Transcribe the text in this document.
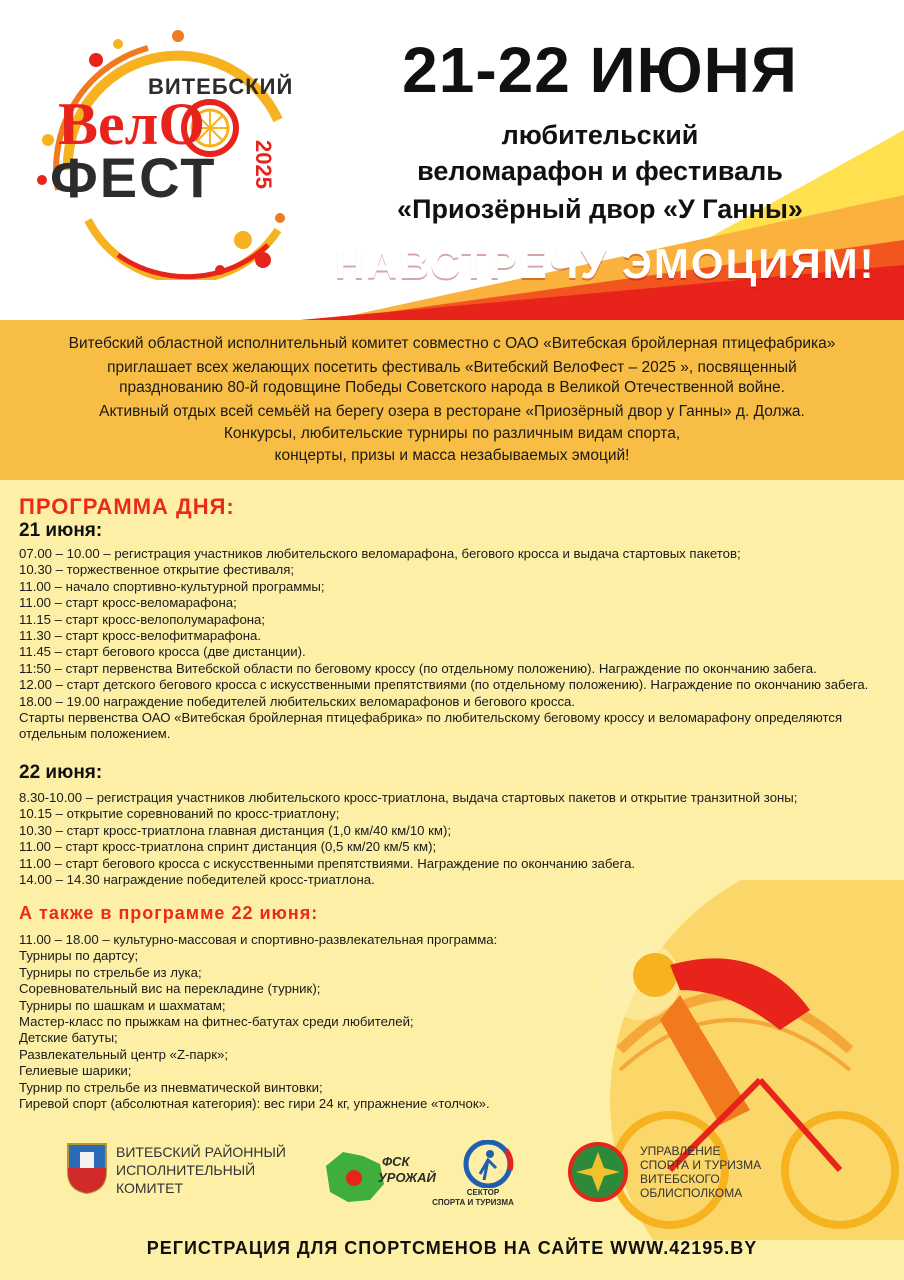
21-22 ИЮНЯ
любительский
веломарафон и фестиваль
«Приозёрный двор «У Ганны»
НАВСТРЕЧУ ЭМОЦИЯМ!
ВИТЕБСКИЙ
ВелО
ФЕСТ 2025
Витебский областной исполнительный комитет совместно с ОАО «Витебская бройлерная птицефабрика»
приглашает всех желающих посетить фестиваль «Витебский ВелоФест – 2025 », посвященный
празднованию 80-й годовщине Победы Советского народа в Великой Отечественной войне.
Активный отдых всей семьёй на берегу озера в ресторане «Приозёрный двор у Ганны» д. Должа.
Конкурсы, любительские турниры по различным видам спорта,
концерты, призы и масса незабываемых эмоций!
ПРОГРАММА ДНЯ:
21 июня:
07.00 – 10.00 – регистрация участников любительского веломарафона, бегового кросса и выдача стартовых пакетов;
10.30 – торжественное открытие фестиваля;
11.00 – начало спортивно-культурной программы;
11.00 – старт кросс-веломарафона;
11.15 – старт кросс-велополумарафона;
11.30 – старт кросс-велофитмарафона.
11.45 – старт бегового кросса (две дистанции).
11:50 – старт первенства Витебской области по беговому кроссу (по отдельному положению). Награждение по окончанию забега.
12.00 – старт детского бегового кросса с искусственными препятствиями (по отдельному положению). Награждение по окончанию забега.
18.00 – 19.00 награждение победителей любительских веломарафонов и бегового кросса.
Старты первенства ОАО «Витебская бройлерная птицефабрика» по любительскому беговому кроссу и веломарафону определяются
отдельным положением.
22 июня:
8.30-10.00 – регистрация участников любительского кросс-триатлона, выдача стартовых пакетов и открытие транзитной зоны;
10.15 – открытие соревнований по кросс-триатлону;
10.30 – старт кросс-триатлона главная дистанция (1,0 км/40 км/10 км);
11.00 – старт кросс-триатлона спринт дистанция (0,5 км/20 км/5 км);
11.00 – старт бегового кросса с искусственными препятствиями. Награждение по окончанию забега.
14.00 – 14.30 награждение победителей кросс-триатлона.
А также в программе 22 июня:
11.00 – 18.00 – культурно-массовая и спортивно-развлекательная программа:
Турниры по дартсу;
Турниры по стрельбе из лука;
Соревновательный вис на перекладине (турник);
Турниры по шашкам и шахматам;
Мастер-класс по прыжкам на фитнес-батутах среди любителей;
Детские батуты;
Развлекательный центр «Z-парк»;
Гелиевые шарики;
Турнир по стрельбе из пневматической винтовки;
Гиревой спорт (абсолютная категория): вес гири 24 кг, упражнение «толчок».
ВИТЕБСКИЙ РАЙОННЫЙ
ИСПОЛНИТЕЛЬНЫЙ
КОМИТЕТ
ФСК
УРОЖАЙ
СЕКТОР
СПОРТА И ТУРИЗМА
УПРАВЛЕНИЕ
СПОРТА И ТУРИЗМА
ВИТЕБСКОГО
ОБЛИСПОЛКОМА
РЕГИСТРАЦИЯ ДЛЯ СПОРТСМЕНОВ НА САЙТЕ WWW.42195.BY
